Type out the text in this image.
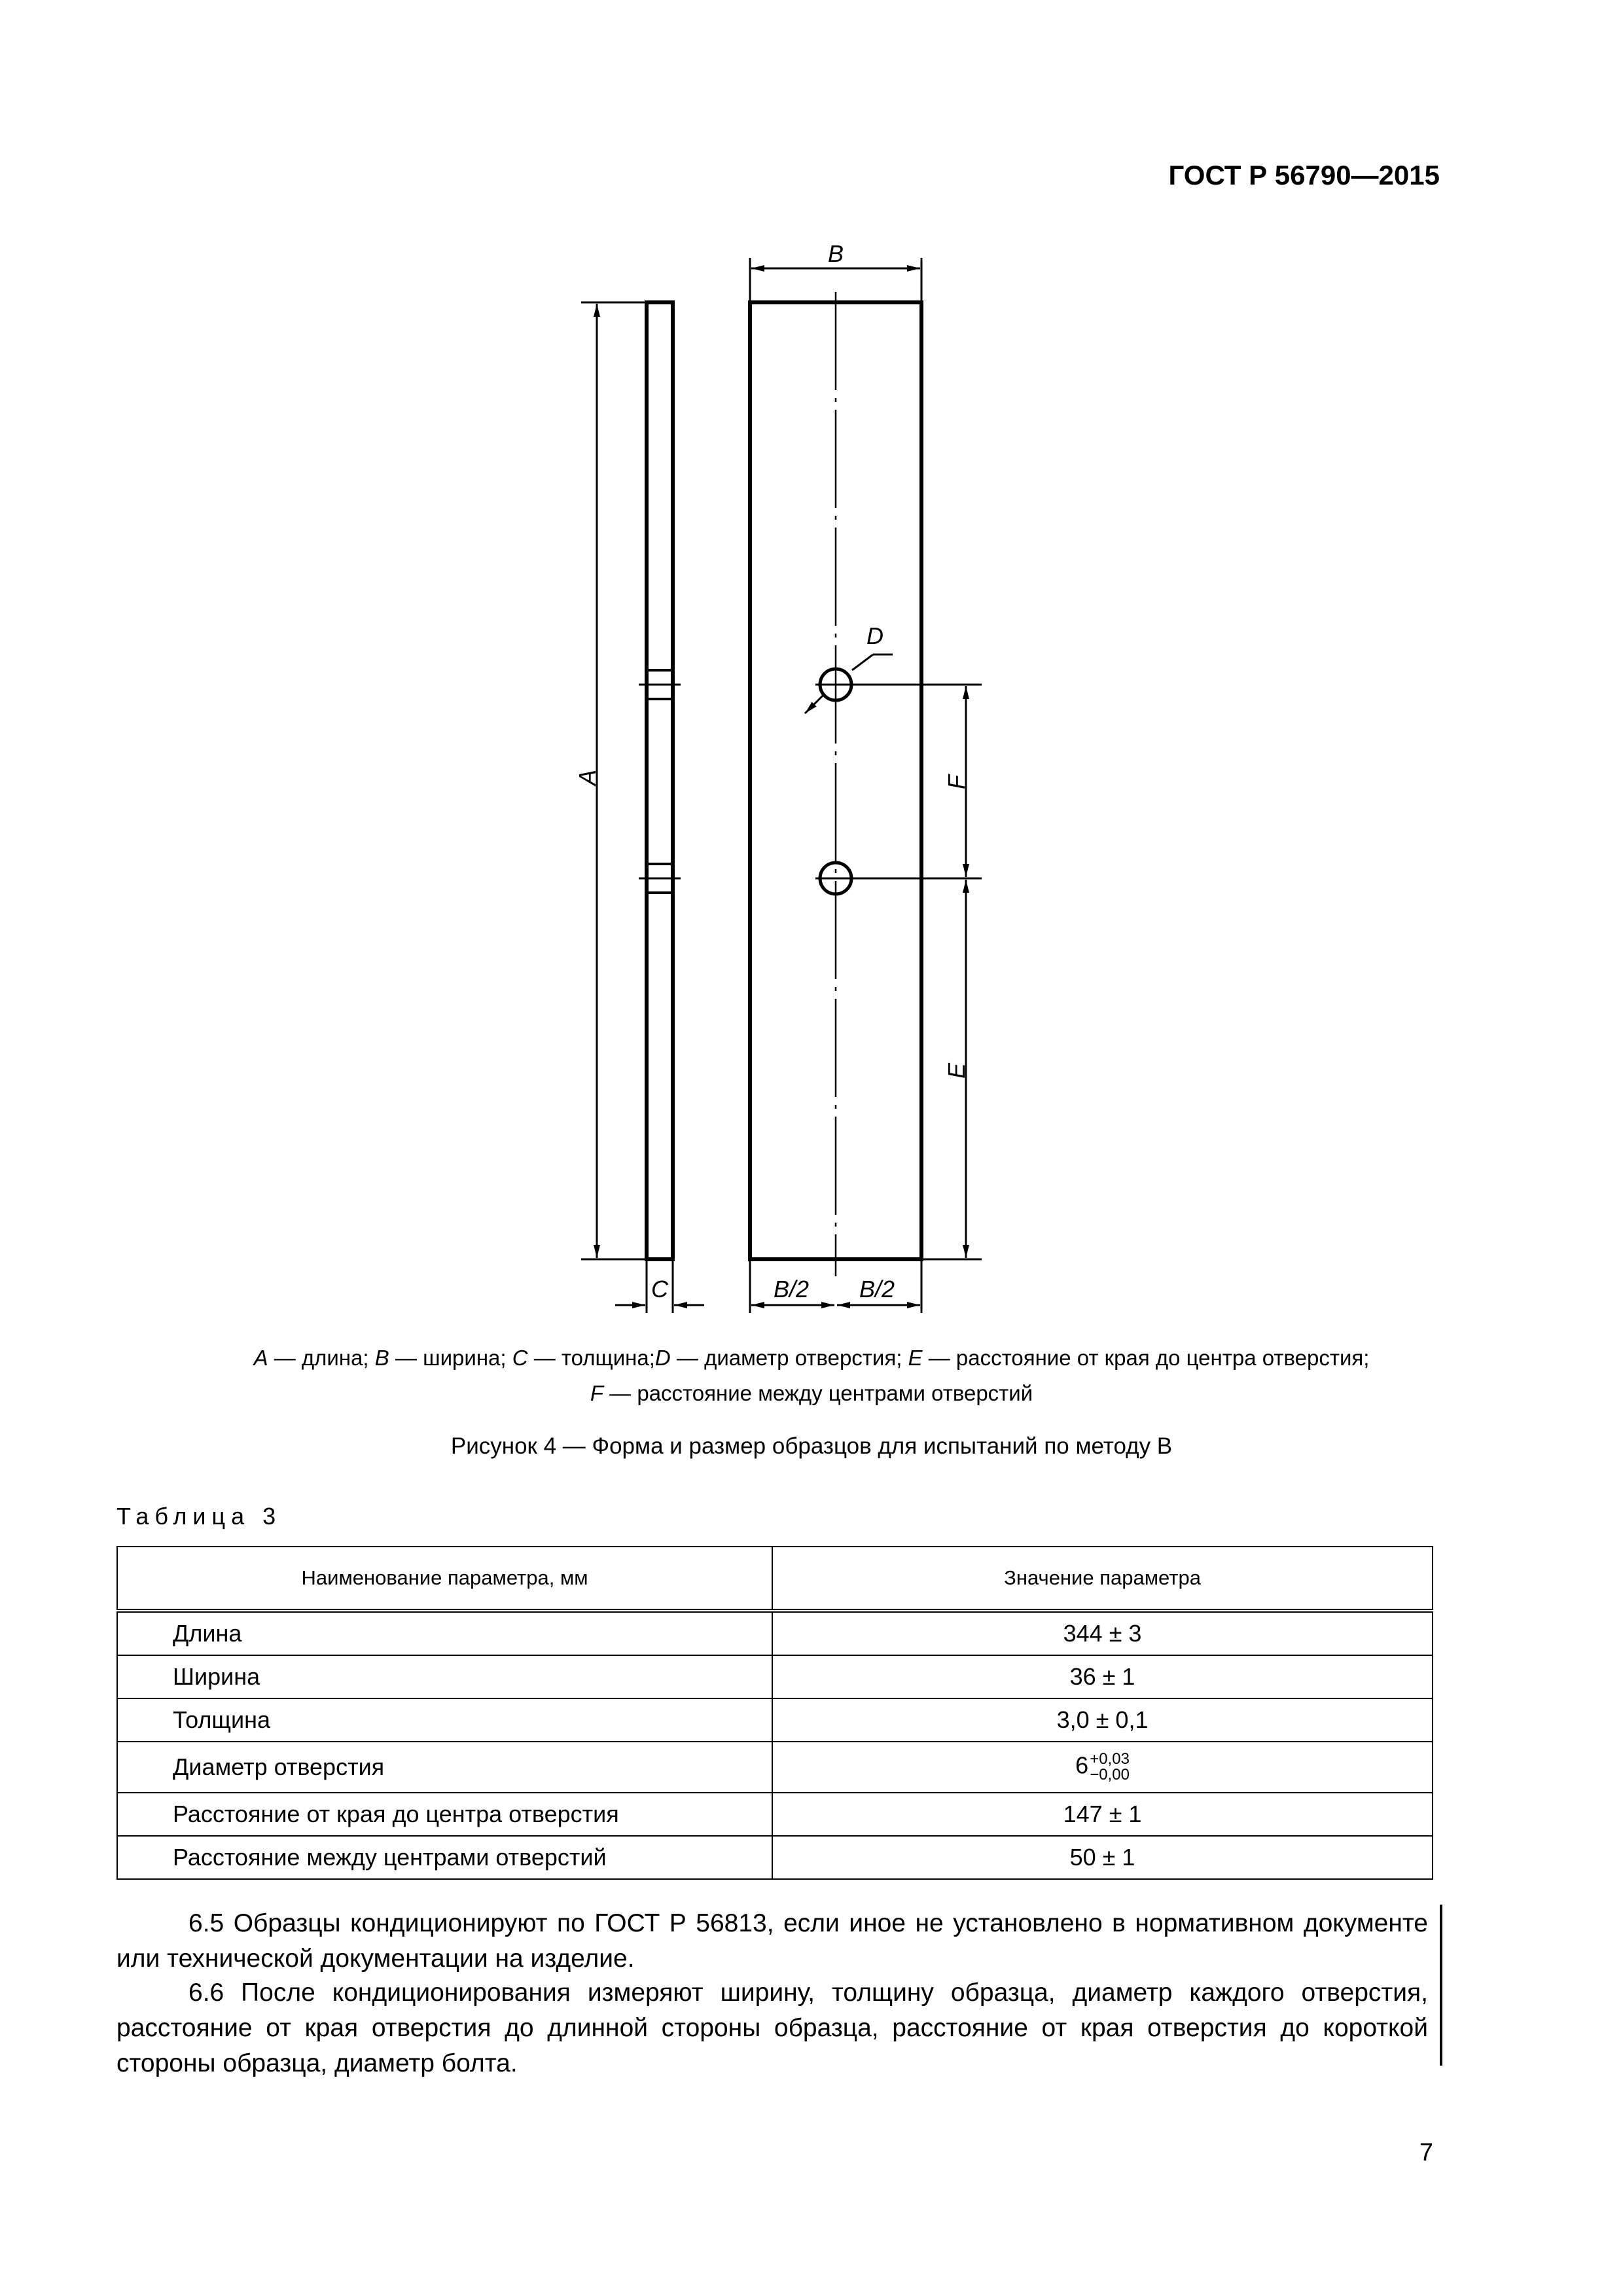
ГОСТ Р 56790—2015
B
D
A	F
E
C	B/2 B/2
A — длина; B — ширина; C — толщина;D — диаметр отверстия; E — расстояние от края до центра отверстия;
F — расстояние между центрами отверстий
Рисунок 4 — Форма и размер образцов для испытаний по методу В
Таблица 3
Наименование параметра, мм	Значение параметра
Длина	344 ± 3
Ширина	36 ± 1
Толщина	3,0 ± 0,1
Диаметр отверстия	6+0,03
−0,00
Расстояние от края до центра отверстия	147 ± 1
Расстояние между центрами отверстий	50 ± 1
6.5 Образцы кондиционируют по ГОСТ Р 56813, если иное не установлено в нормативном документе или технической документации на изделие.
6.6 После кондиционирования измеряют ширину, толщину образца, диаметр каждого отверстия, расстояние от края отверстия до длинной стороны образца, расстояние от края отверстия до короткой стороны образца, диаметр болта.
7
